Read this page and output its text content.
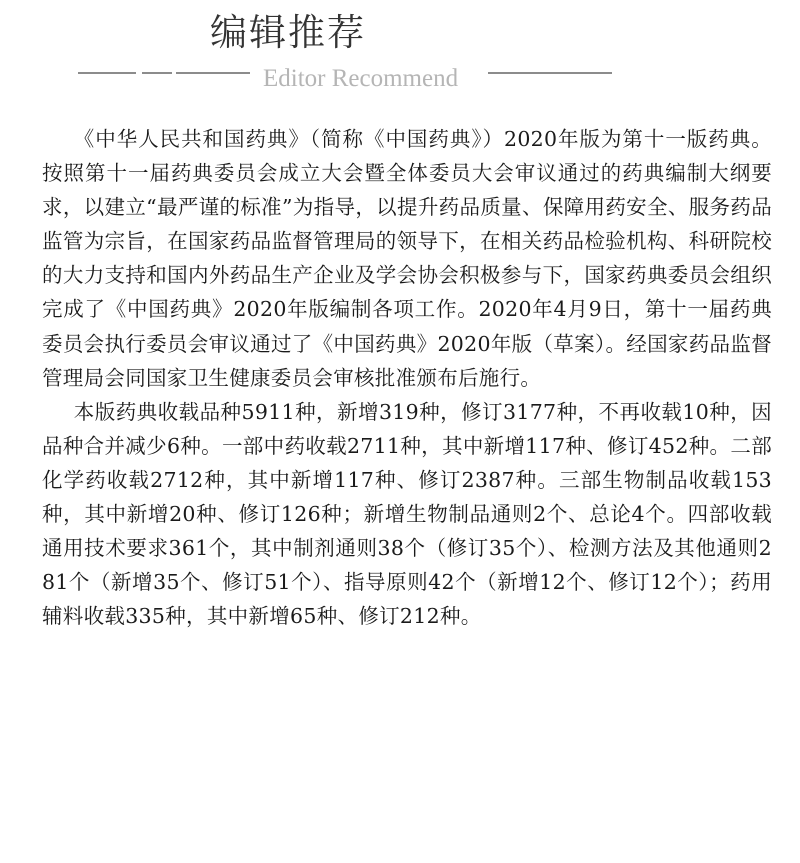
编辑推荐
Editor Recommend

《中华人民共和国药典》（简称《中国药典》）2020年版为第十一版药典。按照第十一届药典委员会成立大会暨全体委员大会审议通过的药典编制大纲要求，以建立“最严谨的标准”为指导，以提升药品质量、保障用药安全、服务药品监管为宗旨，在国家药品监督管理局的领导下，在相关药品检验机构、科研院校的大力支持和国内外药品生产企业及学会协会积极参与下，国家药典委员会组织完成了《中国药典》2020年版编制各项工作。2020年4月9日，第十一届药典委员会执行委员会审议通过了《中国药典》2020年版（草案）。经国家药品监督管理局会同国家卫生健康委员会审核批准颁布后施行。

本版药典收载品种5911种，新增319种，修订3177种，不再收载10种，因品种合并减少6种。一部中药收载2711种，其中新增117种、修订452种。二部化学药收载2712种，其中新增117种、修订2387种。三部生物制品收载153种，其中新增20种、修订126种；新增生物制品通则2个、总论4个。四部收载通用技术要求361个，其中制剂通则38个（修订35个）、检测方法及其他通则281个（新增35个、修订51个）、指导原则42个（新增12个、修订12个）；药用辅料收载335种，其中新增65种、修订212种。
